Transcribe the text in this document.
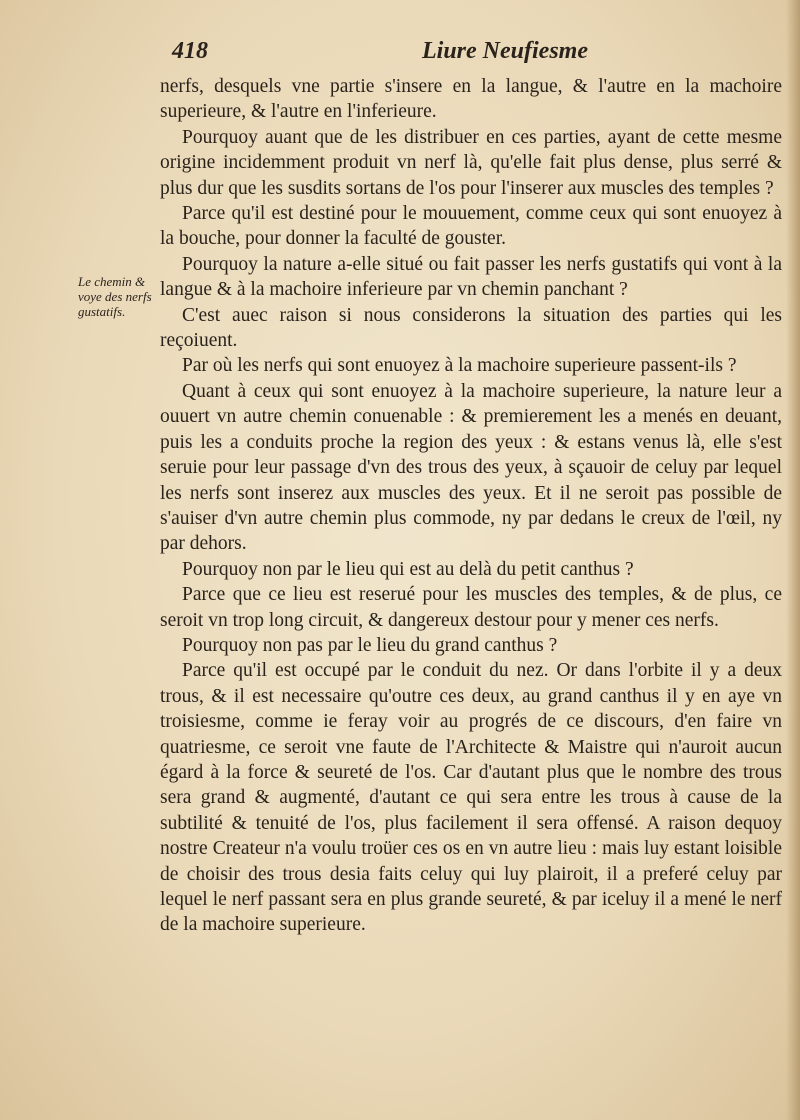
418	Liure Neufiesme
Le chemin & voye des nerfs gustatifs.

nerfs, desquels vne partie s'insere en la langue, & l'autre en la machoire superieure, & l'autre en l'inferieure.

Pourquoy auant que de les distribuer en ces parties, ayant de cette mesme origine incidemment produit vn nerf là, qu'elle fait plus dense, plus serré & plus dur que les susdits sortans de l'os pour l'inserer aux muscles des temples ?

Parce qu'il est destiné pour le mouuement, comme ceux qui sont enuoyez à la bouche, pour donner la faculté de gouster.

Pourquoy la nature a-elle situé ou fait passer les nerfs gustatifs qui vont à la langue & à la machoire inferieure par vn chemin panchant ?

C'est auec raison si nous considerons la situation des parties qui les reçoiuent.

Par où les nerfs qui sont enuoyez à la machoire superieure passent-ils ?

Quant à ceux qui sont enuoyez à la machoire superieure, la nature leur a ouuert vn autre chemin conuenable : & premierement les a menés en deuant, puis les a conduits proche la region des yeux : & estans venus là, elle s'est seruie pour leur passage d'vn des trous des yeux, à sçauoir de celuy par lequel les nerfs sont inserez aux muscles des yeux. Et il ne seroit pas possible de s'auiser d'vn autre chemin plus commode, ny par dedans le creux de l'œil, ny par dehors.

Pourquoy non par le lieu qui est au delà du petit canthus ?

Parce que ce lieu est reserué pour les muscles des temples, & de plus, ce seroit vn trop long circuit, & dangereux destour pour y mener ces nerfs.

Pourquoy non pas par le lieu du grand canthus ?

Parce qu'il est occupé par le conduit du nez. Or dans l'orbite il y a deux trous, & il est necessaire qu'outre ces deux, au grand canthus il y en aye vn troisiesme, comme ie feray voir au progrés de ce discours, d'en faire vn quatriesme, ce seroit vne faute de l'Architecte & Maistre qui n'auroit aucun égard à la force & seureté de l'os. Car d'autant plus que le nombre des trous sera grand & augmenté, d'autant ce qui sera entre les trous à cause de la subtilité & tenuité de l'os, plus facilement il sera offensé. A raison dequoy nostre Createur n'a voulu troüer ces os en vn autre lieu : mais luy estant loisible de choisir des trous desia faits celuy qui luy plairoit, il a preferé celuy par lequel le nerf passant sera en plus grande seureté, & par iceluy il a mené le nerf de la machoire superieure.
